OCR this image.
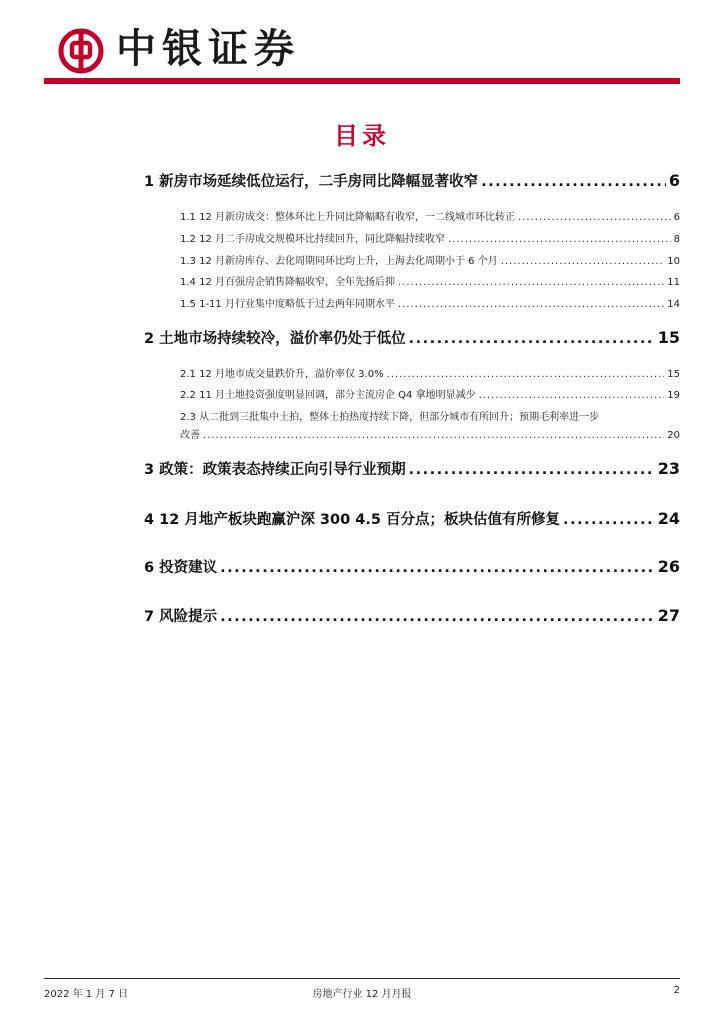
中银证券
目录
1 新房市场延续低位运行，二手房同比降幅显著收窄 .....	6
1.1 12 月新房成交：整体环比上升同比降幅略有收窄，一二线城市环比转正 .....	6
1.2 12 月二手房成交规模环比持续回升，同比降幅持续收窄 .....	8
1.3 12 月新房库存、去化周期同环比均上升，上海去化周期小于 6 个月 .....	10
1.4 12 月百强房企销售降幅收窄，全年先扬后抑 .....	11
1.5 1-11 月行业集中度略低于过去两年同期水平 .....	14
2 土地市场持续较冷，溢价率仍处于低位 .....	15
2.1 12 月地市成交量跌价升，溢价率仅 3.0% .....	15
2.2 11 月土地投资强度明显回调，部分主流房企 Q4 拿地明显减少 .....	19
2.3 从二批到三批集中土拍，整体土拍热度持续下降，但部分城市有所回升；预期毛利率进一步
改善 .....	20
3 政策：政策表态持续正向引导行业预期 .....	23
4 12 月地产板块跑赢沪深 300 4.5 百分点；板块估值有所修复 .....	24
6 投资建议 .....	26
7 风险提示 .....	27
2022 年 1 月 7 日	房地产行业 12 月月报	2
